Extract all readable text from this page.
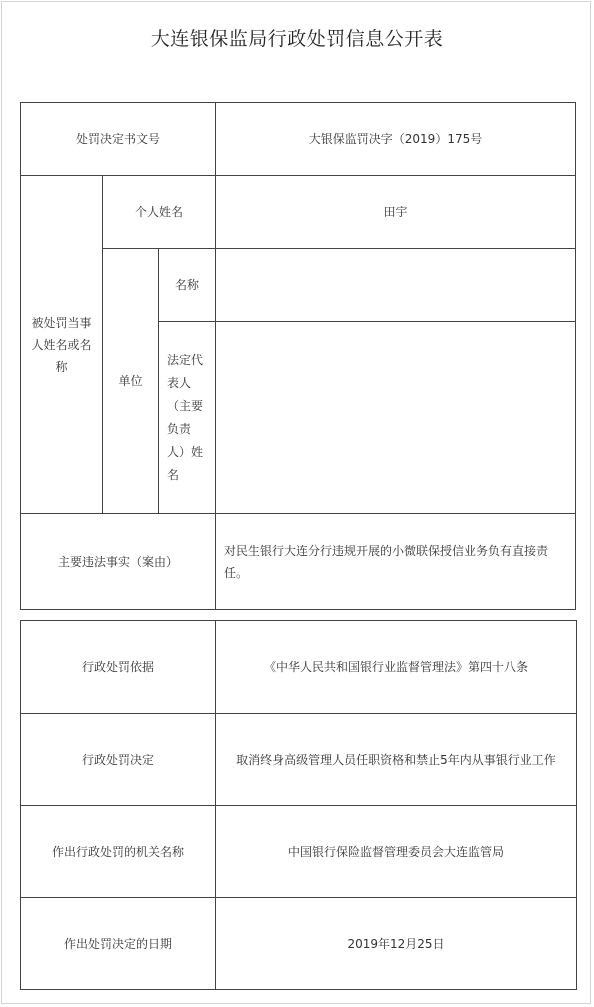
大连银保监局行政处罚信息公开表
处罚决定书文号			大银保监罚决字（2019）175号
被处罚当事人姓名或名称	个人姓名		田宇
	单位	名称	
		法定代表人（主要负责人）姓名	
主要违法事实（案由）			对民生银行大连分行违规开展的小微联保授信业务负有直接责任。
行政处罚依据	《中华人民共和国银行业监督管理法》第四十八条
行政处罚决定	取消终身高级管理人员任职资格和禁止5年内从事银行业工作
作出行政处罚的机关名称	中国银行保险监督管理委员会大连监管局
作出处罚决定的日期	2019年12月25日
